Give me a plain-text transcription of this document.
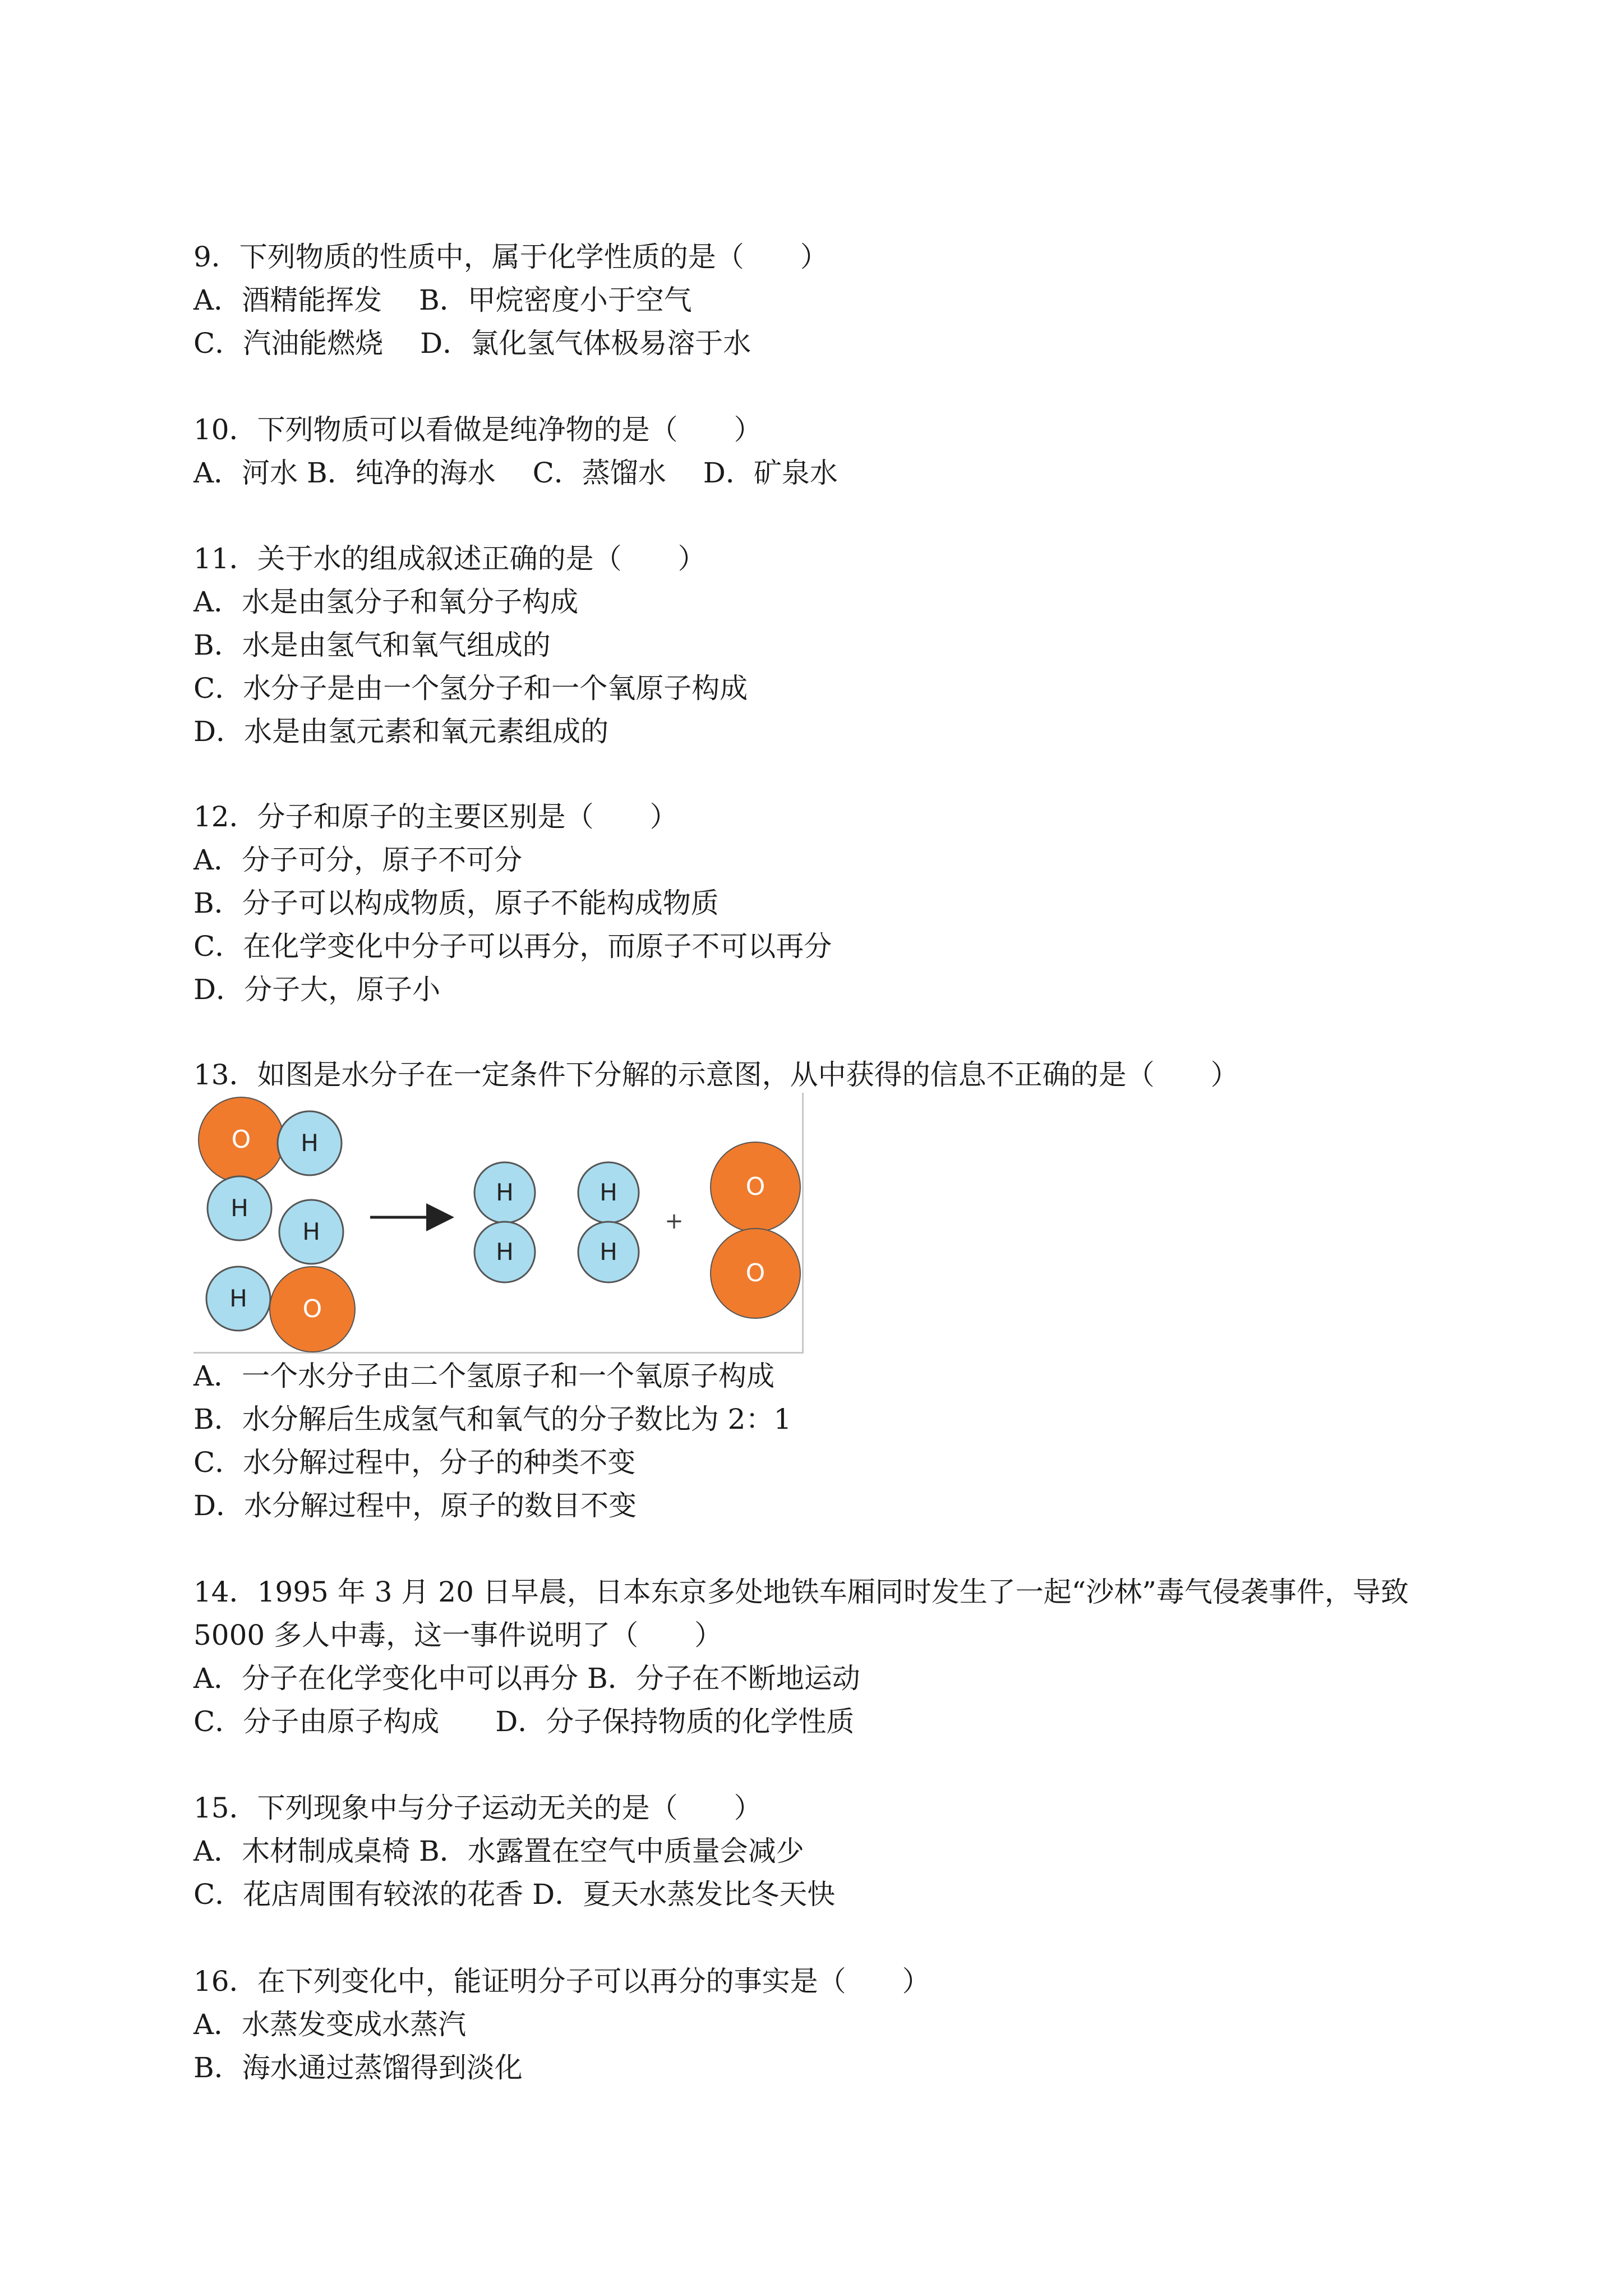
9．下列物质的性质中，属于化学性质的是（　　）
A．酒精能挥发　 B．甲烷密度小于空气
C．汽油能燃烧　 D．氯化氢气体极易溶于水
10．下列物质可以看做是纯净物的是（　　）
A．河水 B．纯净的海水　 C．蒸馏水　 D．矿泉水
11．关于水的组成叙述正确的是（　　）
A．水是由氢分子和氧分子构成
B．水是由氢气和氧气组成的
C．水分子是由一个氢分子和一个氧原子构成
D．水是由氢元素和氧元素组成的
12．分子和原子的主要区别是（　　）
A．分子可分，原子不可分
B．分子可以构成物质，原子不能构成物质
C．在化学变化中分子可以再分，而原子不可以再分
D．分子大，原子小
13．如图是水分子在一定条件下分解的示意图，从中获得的信息不正确的是（　　）
O H
H
H
O
H
H
H
H
H
+
O
O
A．一个水分子由二个氢原子和一个氧原子构成
B．水分解后生成氢气和氧气的分子数比为 2：1
C．水分解过程中，分子的种类不变
D．水分解过程中，原子的数目不变
14．1995 年 3 月 20 日早晨，日本东京多处地铁车厢同时发生了一起“沙林”毒气侵袭事件，导致 5000 多人中毒，这一事件说明了（　　）
A．分子在化学变化中可以再分 B．分子在不断地运动
C．分子由原子构成　　D．分子保持物质的化学性质
15．下列现象中与分子运动无关的是（　　）
A．木材制成桌椅 B．水露置在空气中质量会减少
C．花店周围有较浓的花香 D．夏天水蒸发比冬天快
16．在下列变化中，能证明分子可以再分的事实是（　　）
A．水蒸发变成水蒸汽
B．海水通过蒸馏得到淡化
